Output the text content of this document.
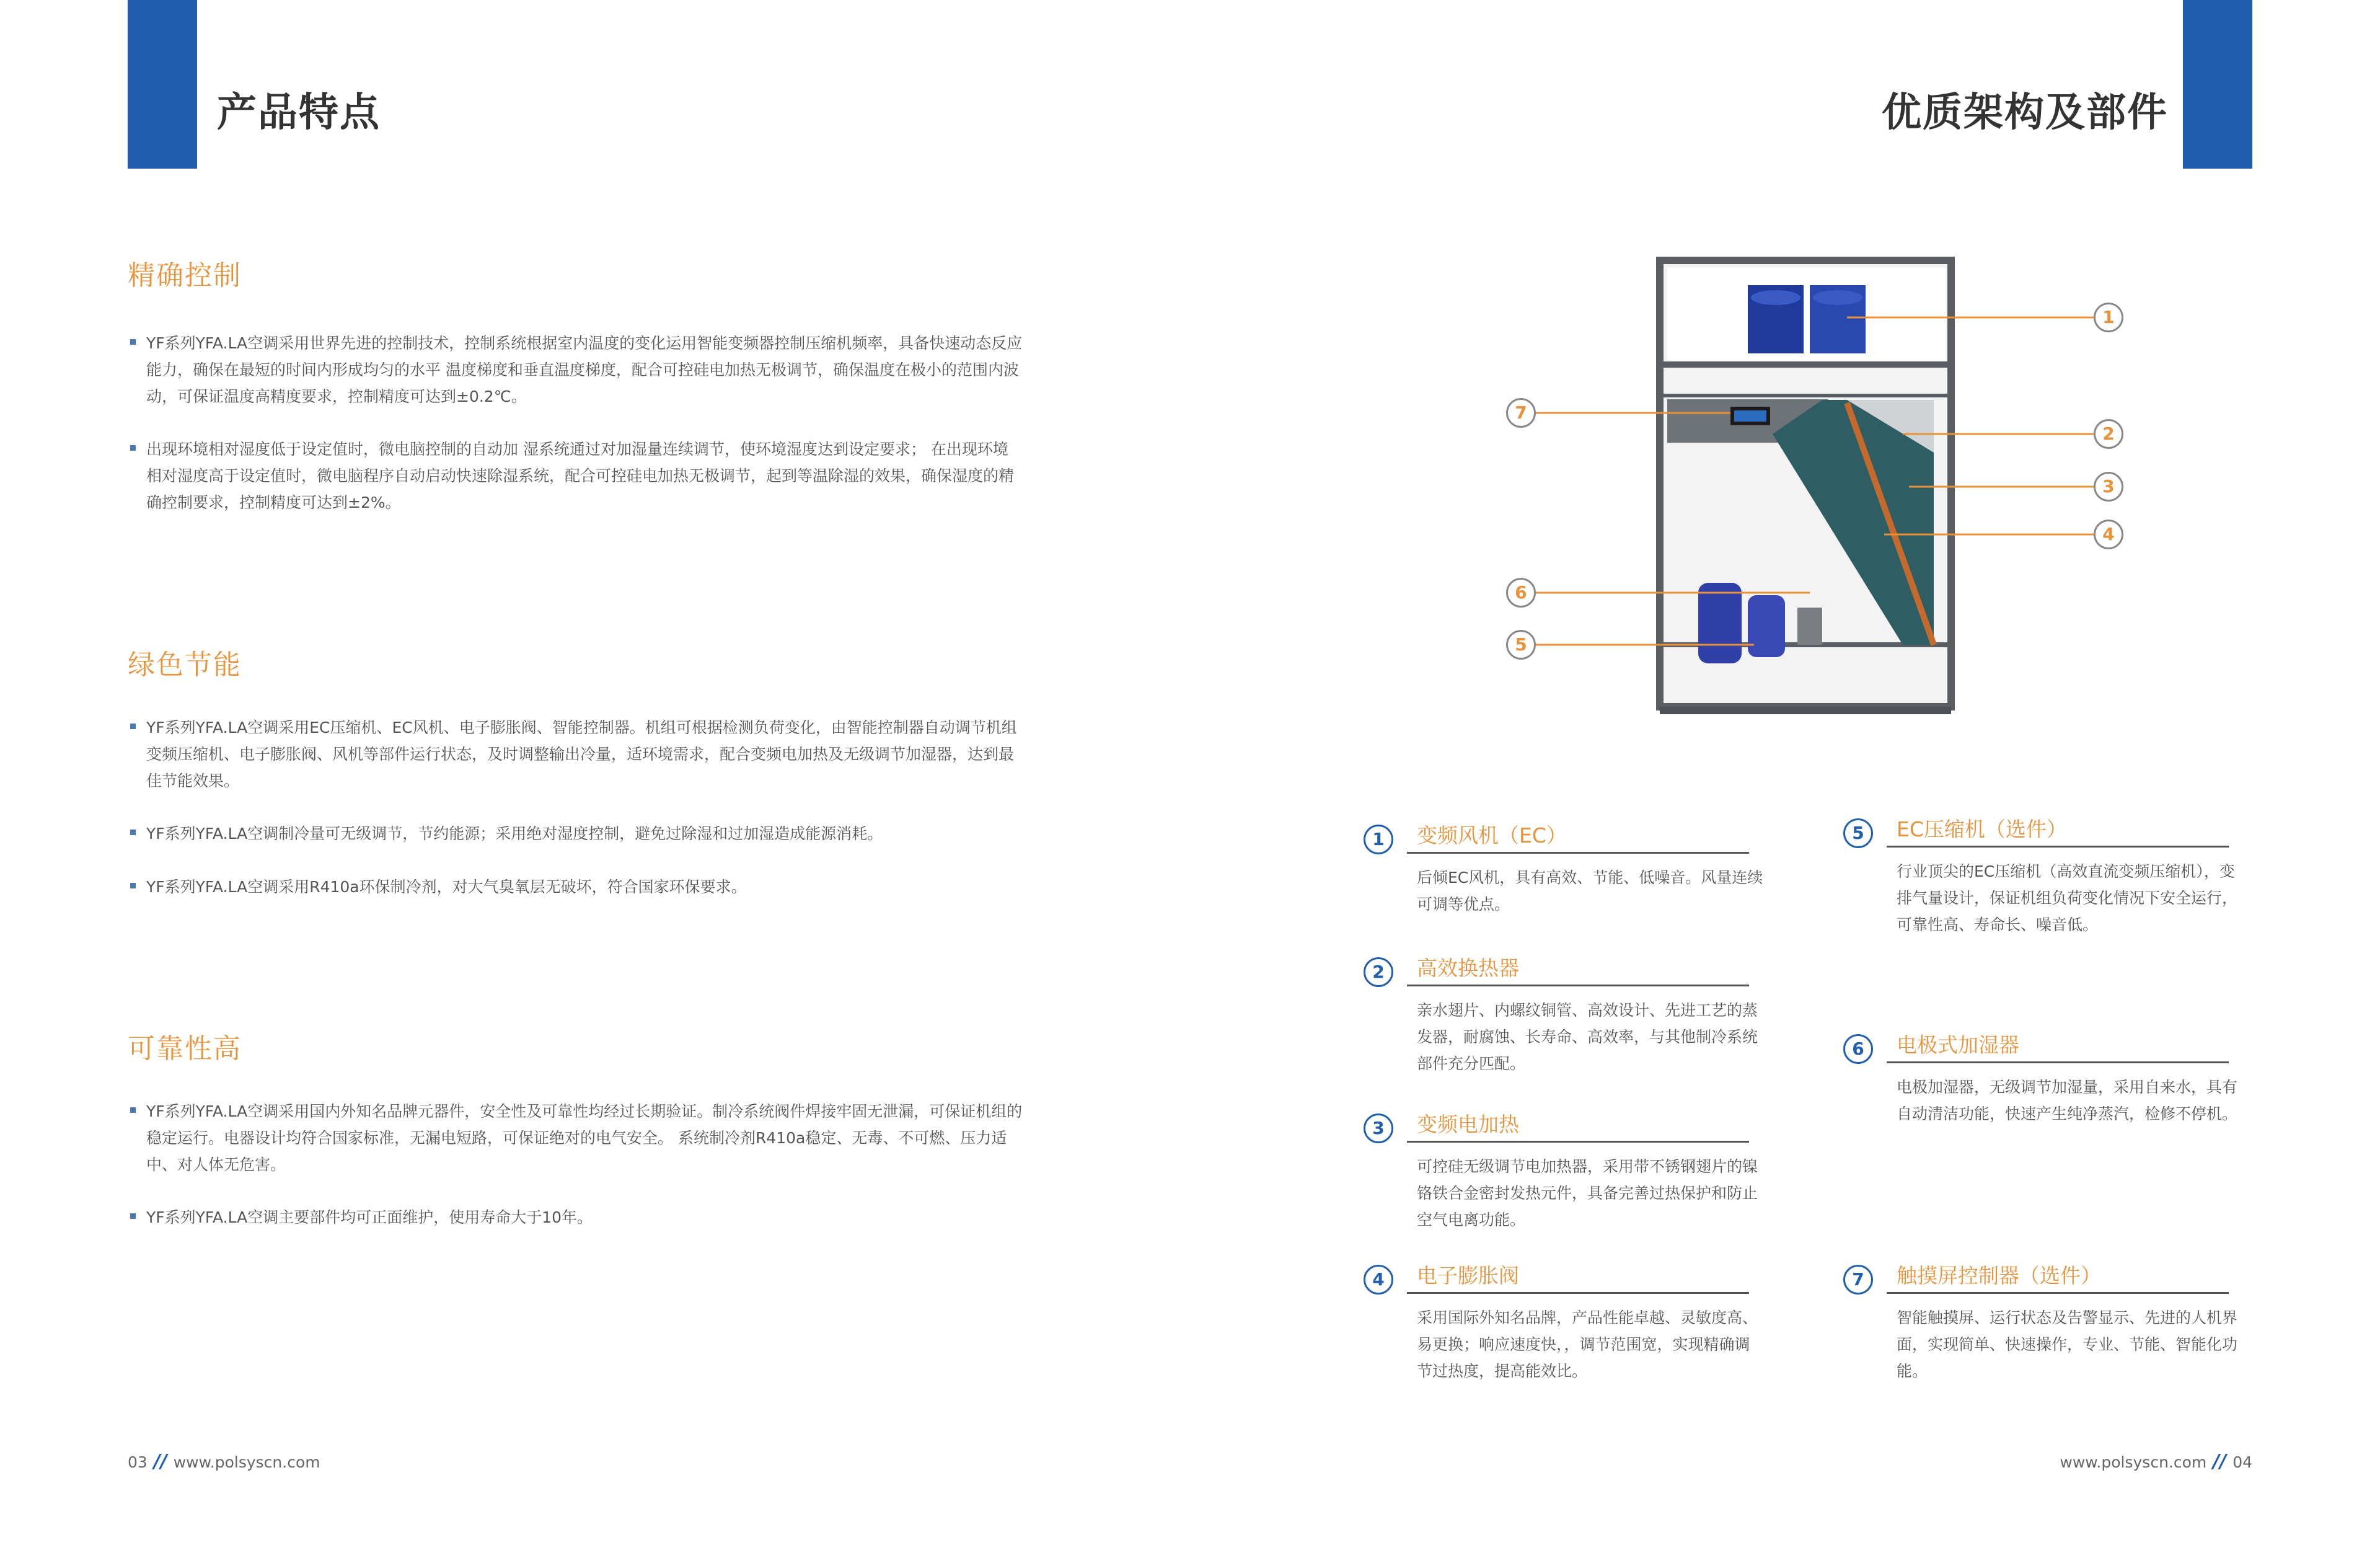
产品特点
精确控制
YF系列YFA.LA空调采用世界先进的控制技术，控制系统根据室内温度的变化运用智能变频器控制压缩机频率，具备快速动态反应能力，确保在最短的时间内形成均匀的水平 温度梯度和垂直温度梯度，配合可控硅电加热无极调节，确保温度在极小的范围内波动，可保证温度高精度要求，控制精度可达到±0.2℃。
出现环境相对湿度低于设定值时，微电脑控制的自动加 湿系统通过对加湿量连续调节，使环境湿度达到设定要求； 在出现环境相对湿度高于设定值时，微电脑程序自动启动快速除湿系统，配合可控硅电加热无极调节，起到等温除湿的效果，确保湿度的精确控制要求，控制精度可达到±2%。
绿色节能
YF系列YFA.LA空调采用EC压缩机、EC风机、电子膨胀阀、智能控制器。机组可根据检测负荷变化，由智能控制器自动调节机组变频压缩机、电子膨胀阀、风机等部件运行状态，及时调整输出冷量，适环境需求，配合变频电加热及无级调节加湿器，达到最佳节能效果。
YF系列YFA.LA空调制冷量可无级调节，节约能源；采用绝对湿度控制，避免过除湿和过加湿造成能源消耗。
YF系列YFA.LA空调采用R410a环保制冷剂，对大气臭氧层无破坏，符合国家环保要求。
可靠性高
YF系列YFA.LA空调采用国内外知名品牌元器件，安全性及可靠性均经过长期验证。制冷系统阀件焊接牢固无泄漏，可保证机组的稳定运行。电器设计均符合国家标准，无漏电短路，可保证绝对的电气安全。 系统制冷剂R410a稳定、无毒、不可燃、压力适中、对人体无危害。
YF系列YFA.LA空调主要部件均可正面维护，使用寿命大于10年。
03 // www.polsyscn.com
优质架构及部件
1
2
3
4
5
6
7
1	变频风机（EC）
后倾EC风机，具有高效、节能、低噪音。风量连续可调等优点。
2	高效换热器
亲水翅片、内螺纹铜管、高效设计、先进工艺的蒸发器，耐腐蚀、长寿命、高效率，与其他制冷系统部件充分匹配。
3	变频电加热
可控硅无级调节电加热器，采用带不锈钢翅片的镍铬铁合金密封发热元件，具备完善过热保护和防止空气电离功能。
4	电子膨胀阀
采用国际外知名品牌，产品性能卓越、灵敏度高、易更换；响应速度快，，调节范围宽，实现精确调节过热度，提高能效比。
5	EC压缩机（选件）
行业顶尖的EC压缩机（高效直流变频压缩机），变排气量设计，保证机组负荷变化情况下安全运行，可靠性高、寿命长、噪音低。
6	电极式加湿器
电极加湿器，无级调节加湿量，采用自来水，具有自动清洁功能，快速产生纯净蒸汽，检修不停机。
7	触摸屏控制器（选件）
智能触摸屏、运行状态及告警显示、先进的人机界面，实现简单、快速操作，专业、节能、智能化功能。
www.polsyscn.com // 04
